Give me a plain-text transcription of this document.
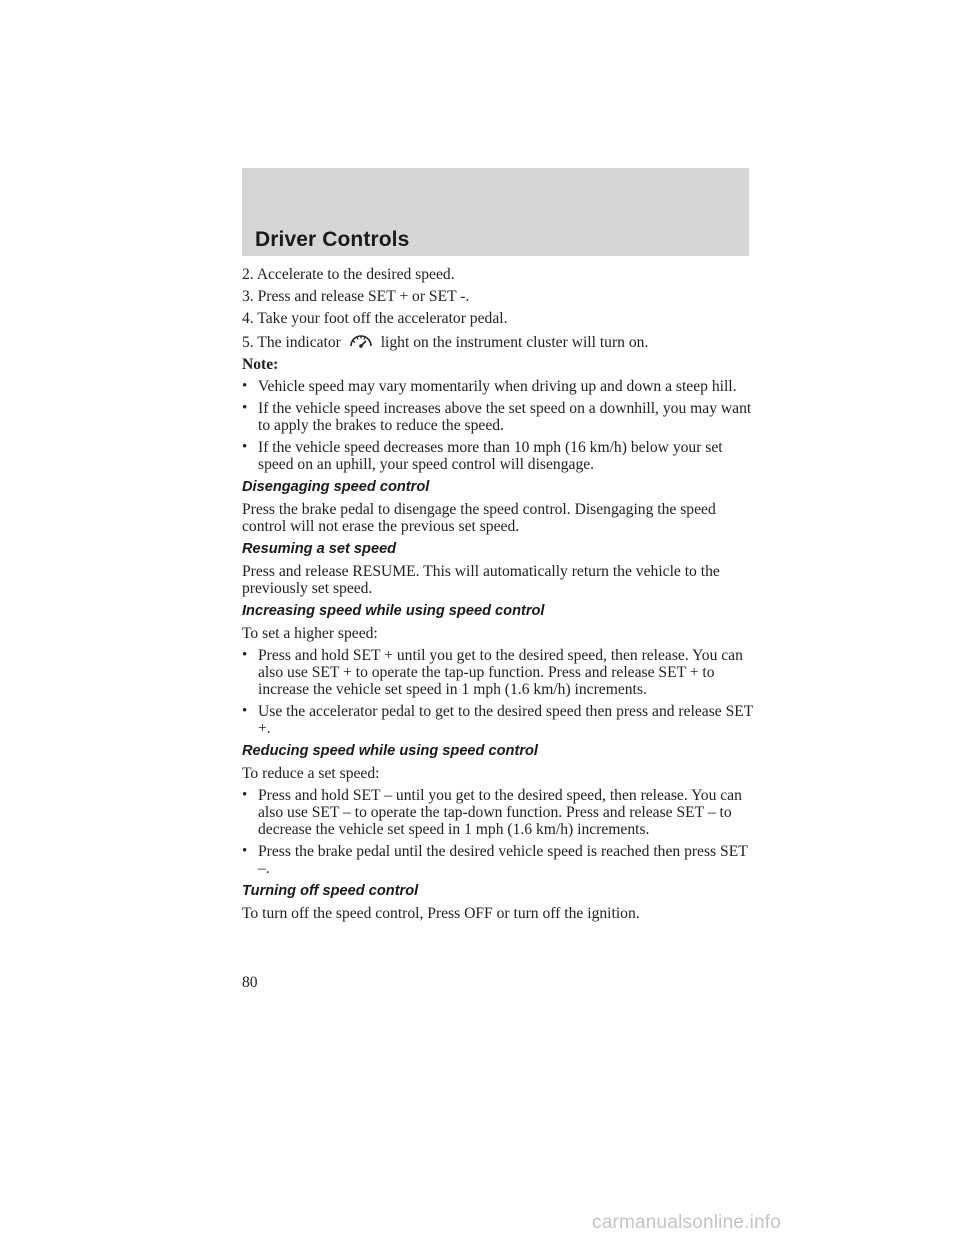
Driver Controls

2. Accelerate to the desired speed.

3. Press and release SET + or SET -.

4. Take your foot off the accelerator pedal.

5. The indicator	light on the instrument cluster will turn on.

Note:

• Vehicle speed may vary momentarily when driving up and down a steep hill.
• If the vehicle speed increases above the set speed on a downhill, you may want to apply the brakes to reduce the speed.
• If the vehicle speed decreases more than 10 mph (16 km/h) below your set speed on an uphill, your speed control will disengage.

Disengaging speed control

Press the brake pedal to disengage the speed control. Disengaging the speed control will not erase the previous set speed.

Resuming a set speed

Press and release RESUME. This will automatically return the vehicle to the previously set speed.

Increasing speed while using speed control

To set a higher speed:

• Press and hold SET + until you get to the desired speed, then release. You can also use SET + to operate the tap-up function. Press and release SET + to increase the vehicle set speed in 1 mph (1.6 km/h) increments.
• Use the accelerator pedal to get to the desired speed then press and release SET +.

Reducing speed while using speed control

To reduce a set speed:

• Press and hold SET – until you get to the desired speed, then release. You can also use SET – to operate the tap-down function. Press and release SET – to decrease the vehicle set speed in 1 mph (1.6 km/h) increments.
• Press the brake pedal until the desired vehicle speed is reached then press SET –.

Turning off speed control

To turn off the speed control, Press OFF or turn off the ignition.

80
carmanualsonline.info
